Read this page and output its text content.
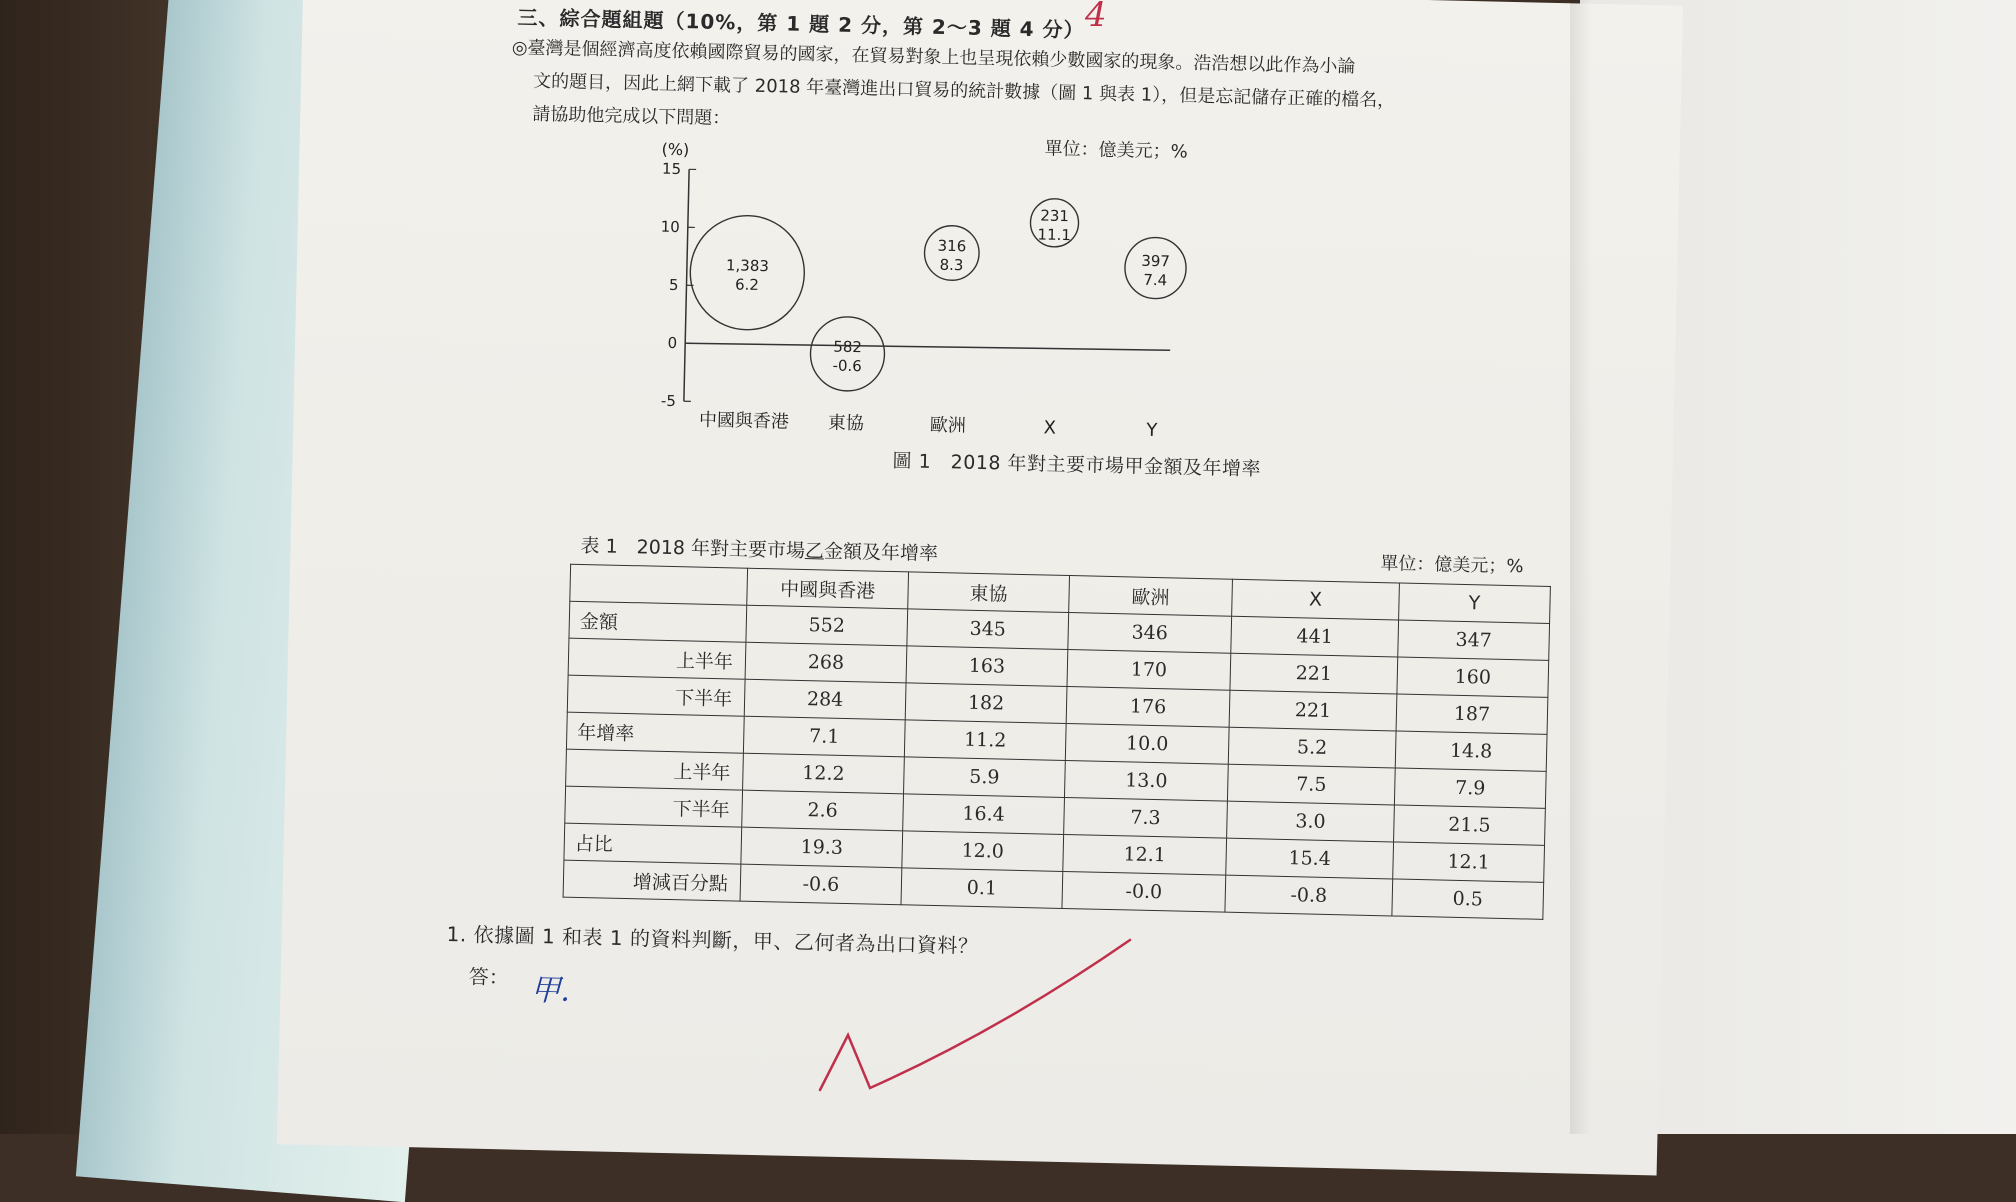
三、綜合題組題（10%，第 1 題 2 分，第 2～3 題 4 分）

◎臺灣是個經濟高度依賴國際貿易的國家，在貿易對象上也呈現依賴少數國家的現象。浩浩想以此作為小論

文的題目，因此上網下載了 2018 年臺灣進出口貿易的統計數據（圖 1 與表 1），但是忘記儲存正確的檔名，

請協助他完成以下問題：

單位：億美元；%
(%)
15
10
5
0
-5
1,383
6.2
中國與香港
582
-0.6
東協
316
8.3
歐洲
231
11.1
X
397
7.4
Y
圖 1　2018 年對主要市場甲金額及年增率
表 1　2018 年對主要市場乙金額及年增率
單位：億美元；%
	中國與香港	東協	歐洲	X	Y
金額	552	345	346	441	347
上半年	268	163	170	221	160
下半年	284	182	176	221	187
年增率	7.1	11.2	10.0	5.2	14.8
上半年	12.2	5.9	13.0	7.5	7.9
下半年	2.6	16.4	7.3	3.0	21.5
占比	19.3	12.0	12.1	15.4	12.1
增減百分點	-0.6	0.1	-0.0	-0.8	0.5
1. 依據圖 1 和表 1 的資料判斷，甲、乙何者為出口資料？
答： 甲.
4
